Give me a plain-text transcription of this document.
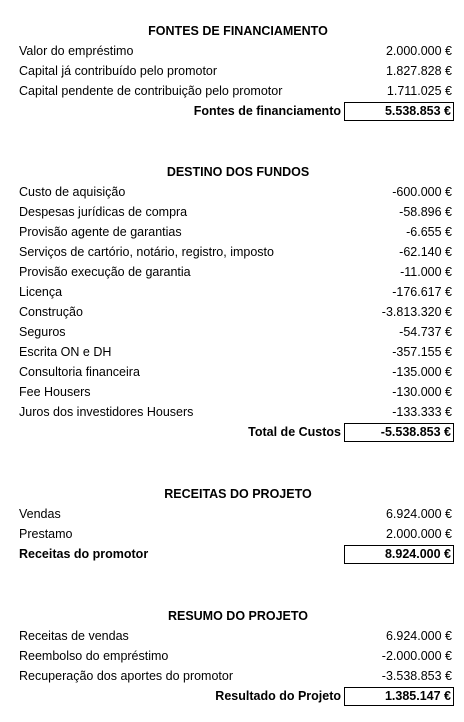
FONTES DE FINANCIAMENTO
Valor do empréstimo	2.000.000 €
Capital já contribuído pelo promotor	1.827.828 €
Capital pendente de contribuição pelo promotor	1.711.025 €
Fontes de financiamento	5.538.853 €
DESTINO DOS FUNDOS
Custo de aquisição	-600.000 €
Despesas jurídicas de compra	-58.896 €
Provisão agente de garantias	-6.655 €
Serviços de cartório, notário, registro, imposto	-62.140 €
Provisão execução de garantia	-11.000 €
Licença	-176.617 €
Construção	-3.813.320 €
Seguros	-54.737 €
Escrita ON e DH	-357.155 €
Consultoria financeira	-135.000 €
Fee Housers	-130.000 €
Juros dos investidores Housers	-133.333 €
Total de Custos	-5.538.853 €
RECEITAS DO PROJETO
Vendas	6.924.000 €
Prestamo	2.000.000 €
Receitas do promotor	8.924.000 €
RESUMO DO PROJETO
Receitas de vendas	6.924.000 €
Reembolso do empréstimo	-2.000.000 €
Recuperação dos aportes do promotor	-3.538.853 €
Resultado do Projeto	1.385.147 €
